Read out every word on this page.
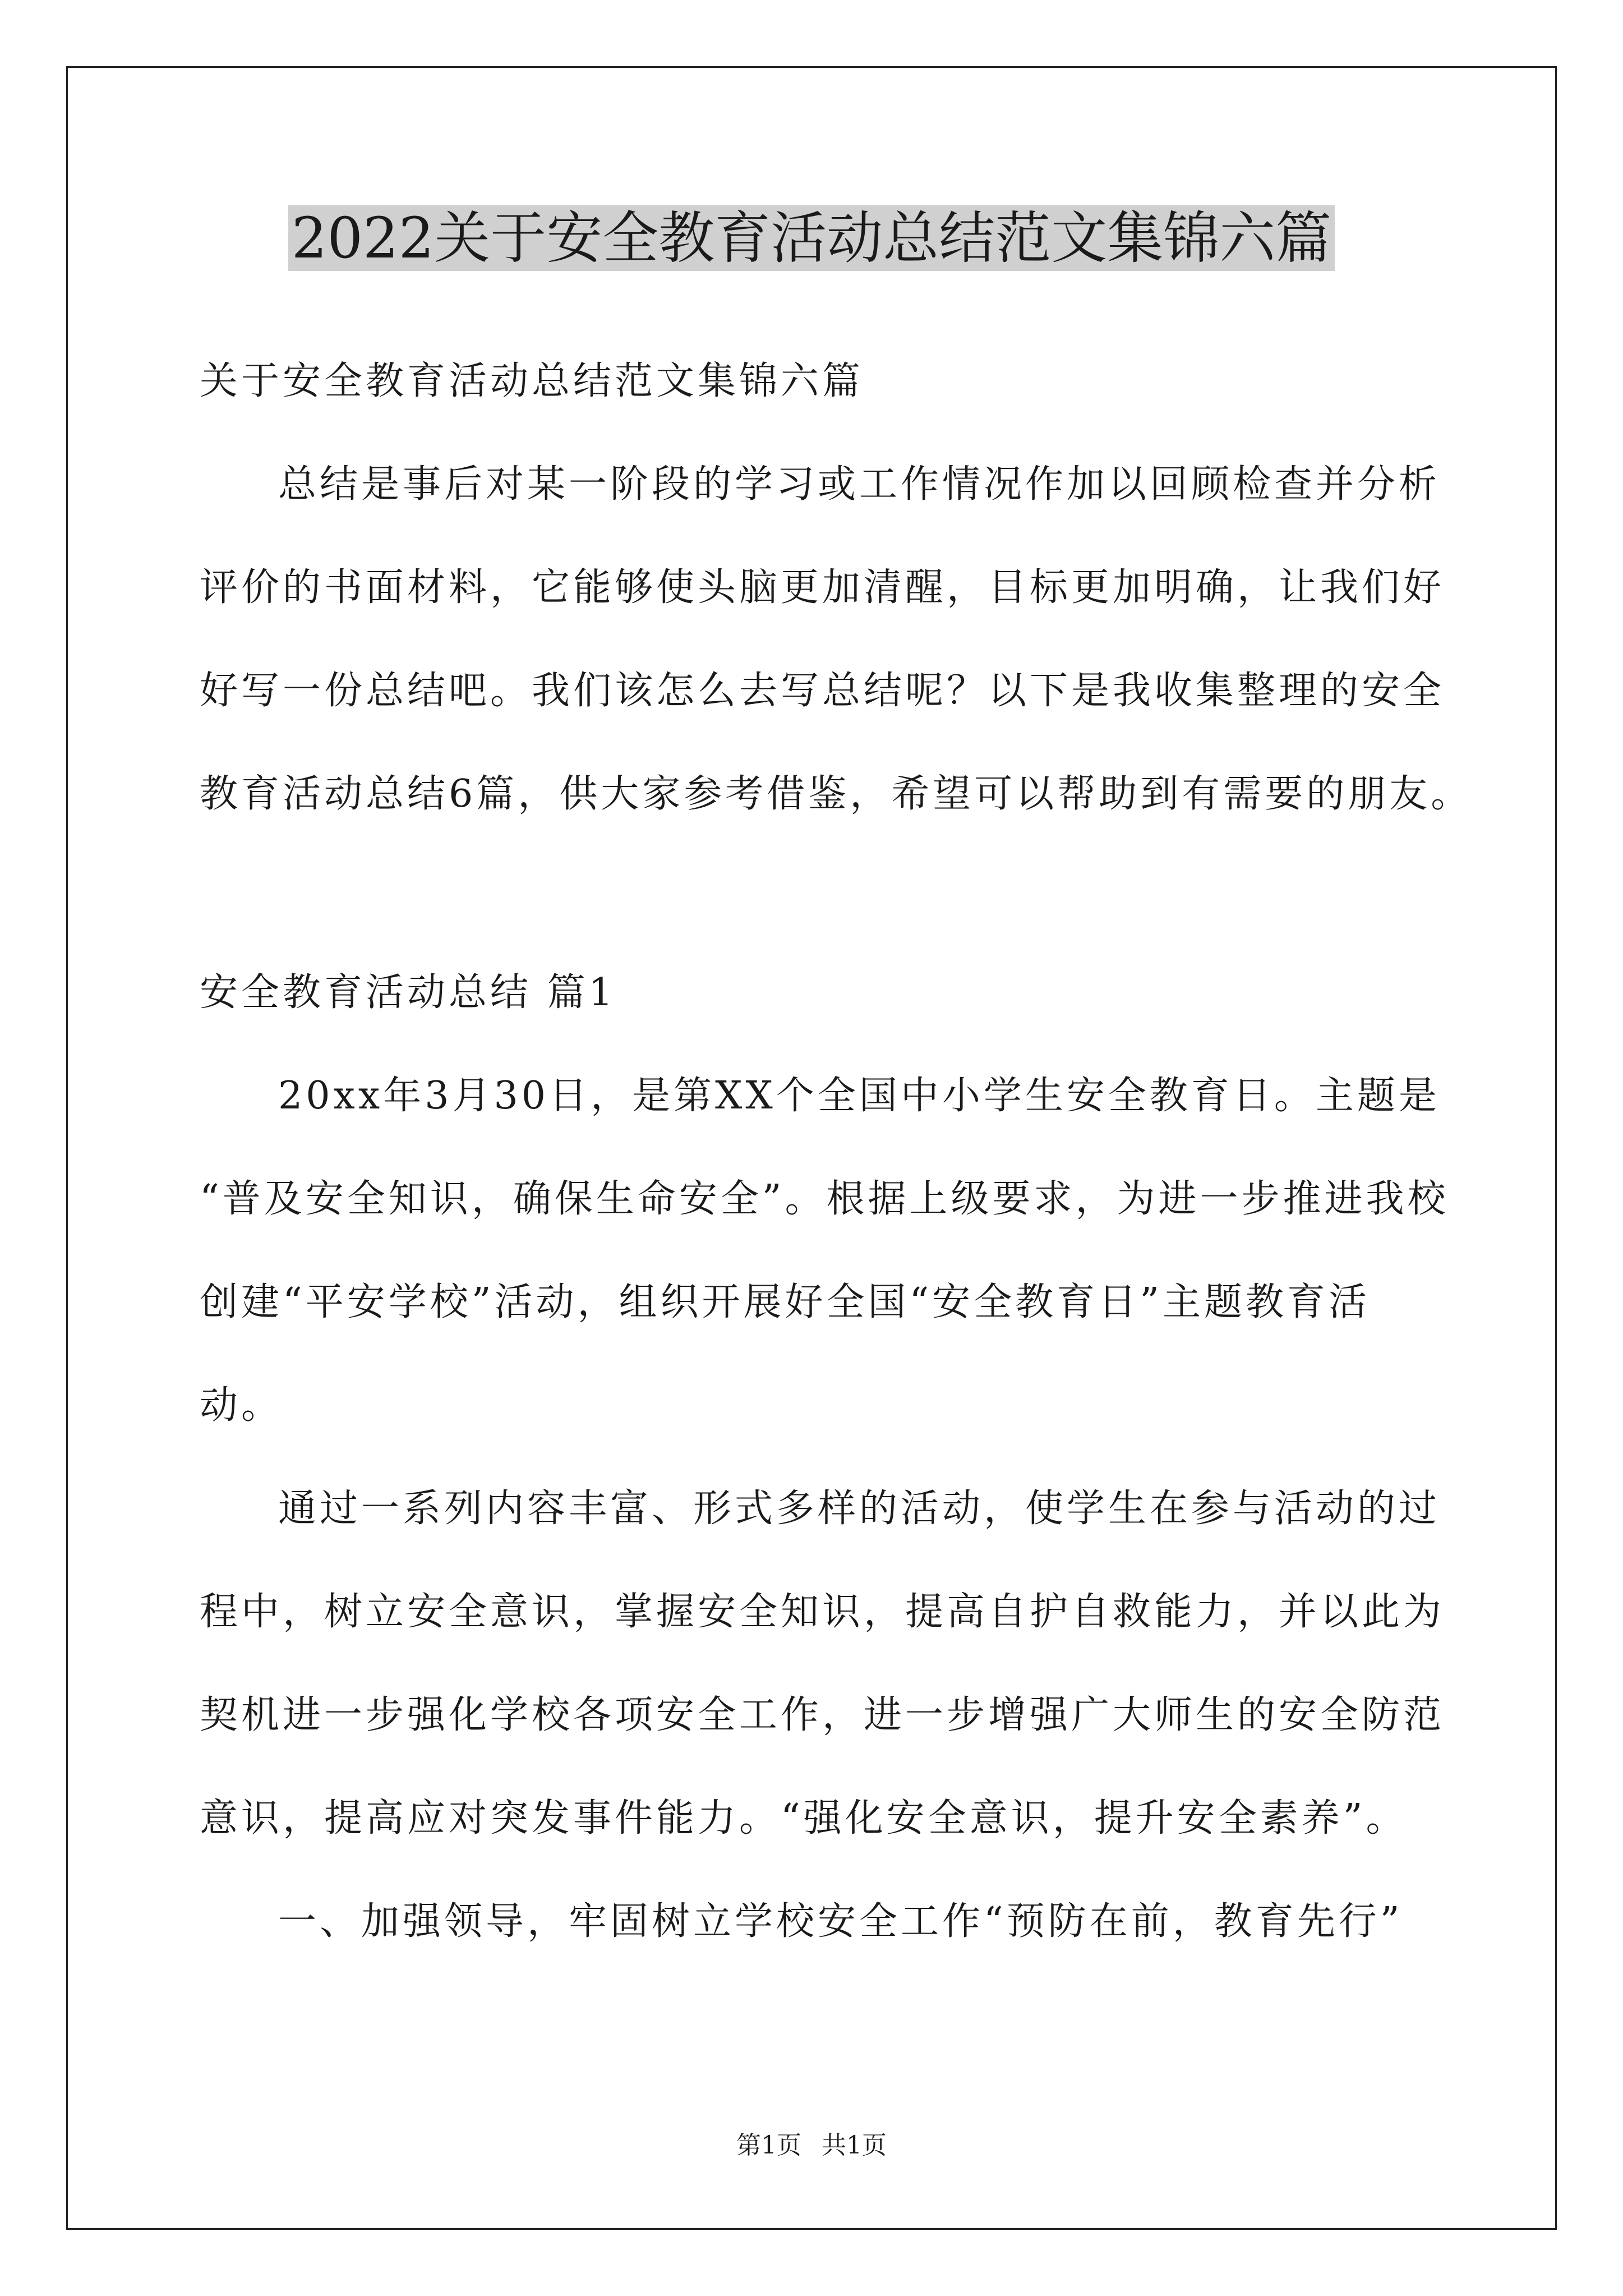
2022关于安全教育活动总结范文集锦六篇
关于安全教育活动总结范文集锦六篇
总结是事后对某一阶段的学习或工作情况作加以回顾检查并分析
评价的书面材料，它能够使头脑更加清醒，目标更加明确，让我们好
好写一份总结吧。我们该怎么去写总结呢？以下是我收集整理的安全
教育活动总结6篇，供大家参考借鉴，希望可以帮助到有需要的朋友。
安全教育活动总结 篇1
20xx年3月30日，是第XX个全国中小学生安全教育日。主题是
“普及安全知识，确保生命安全”。根据上级要求，为进一步推进我校
创建“平安学校”活动，组织开展好全国“安全教育日”主题教育活
动。
通过一系列内容丰富、形式多样的活动，使学生在参与活动的过
程中，树立安全意识，掌握安全知识，提高自护自救能力，并以此为
契机进一步强化学校各项安全工作，进一步增强广大师生的安全防范
意识，提高应对突发事件能力。“强化安全意识，提升安全素养”。
一、加强领导，牢固树立学校安全工作“预防在前，教育先行”
第1页 共1页
